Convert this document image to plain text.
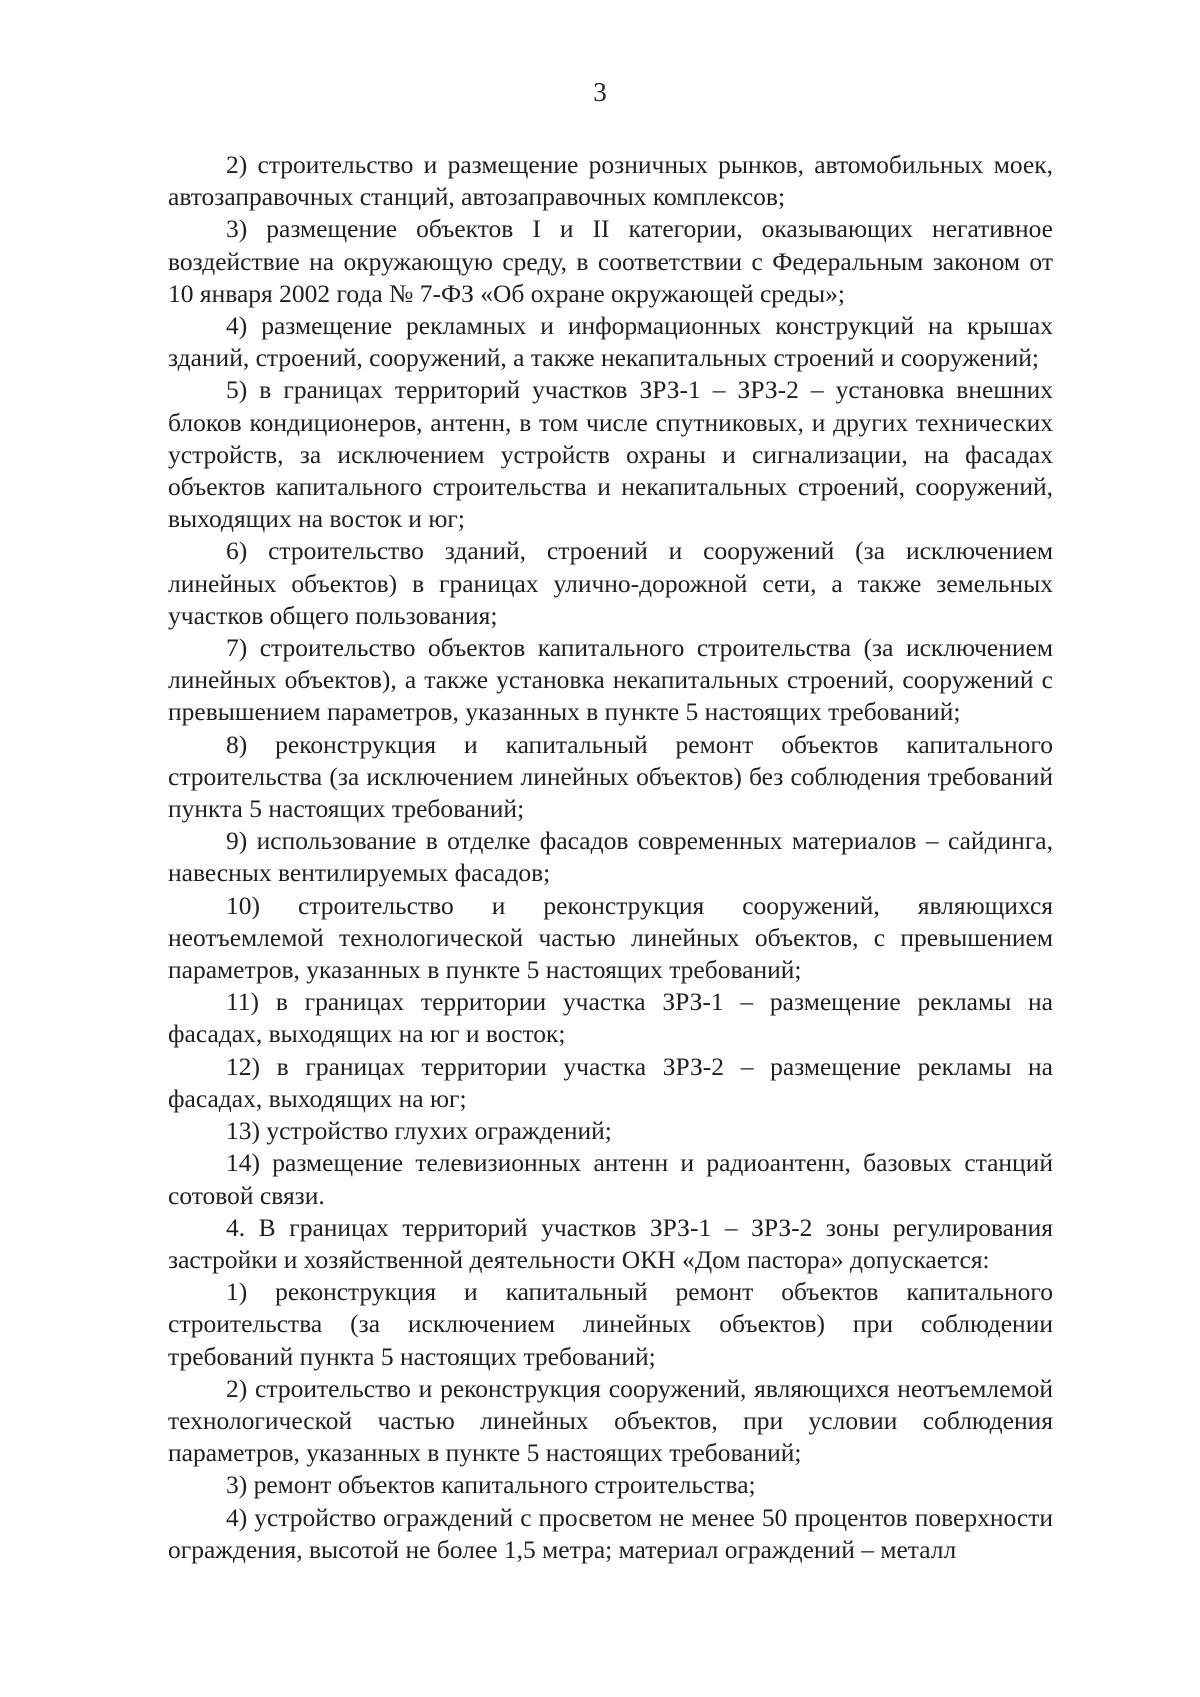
3

2) строительство и размещение розничных рынков, автомобильных моек, автозаправочных станций, автозаправочных комплексов;

3) размещение объектов I и II категории, оказывающих негативное воздействие на окружающую среду, в соответствии с Федеральным законом от 10 января 2002 года № 7-ФЗ «Об охране окружающей среды»;

4) размещение рекламных и информационных конструкций на крышах зданий, строений, сооружений, а также некапитальных строений и сооружений;

5) в границах территорий участков ЗРЗ-1 – ЗРЗ-2 – установка внешних блоков кондиционеров, антенн, в том числе спутниковых, и других технических устройств, за исключением устройств охраны и сигнализации, на фасадах объектов капитального строительства и некапитальных строений, сооружений, выходящих на восток и юг;

6) строительство зданий, строений и сооружений (за исключением линейных объектов) в границах улично-дорожной сети, а также земельных участков общего пользования;

7) строительство объектов капитального строительства (за исключением линейных объектов), а также установка некапитальных строений, сооружений с превышением параметров, указанных в пункте 5 настоящих требований;

8) реконструкция и капитальный ремонт объектов капитального строительства (за исключением линейных объектов) без соблюдения требований пункта 5 настоящих требований;

9) использование в отделке фасадов современных материалов – сайдинга, навесных вентилируемых фасадов;

10) строительство и реконструкция сооружений, являющихся неотъемлемой технологической частью линейных объектов, с превышением параметров, указанных в пункте 5 настоящих требований;

11) в границах территории участка ЗРЗ-1 – размещение рекламы на фасадах, выходящих на юг и восток;

12) в границах территории участка ЗРЗ-2 – размещение рекламы на фасадах, выходящих на юг;

13) устройство глухих ограждений;

14) размещение телевизионных антенн и радиоантенн, базовых станций сотовой связи.

4. В границах территорий участков ЗРЗ-1 – ЗРЗ-2 зоны регулирования застройки и хозяйственной деятельности ОКН «Дом пастора» допускается:

1) реконструкция и капитальный ремонт объектов капитального строительства (за исключением линейных объектов) при соблюдении требований пункта 5 настоящих требований;

2) строительство и реконструкция сооружений, являющихся неотъемлемой технологической частью линейных объектов, при условии соблюдения параметров, указанных в пункте 5 настоящих требований;

3) ремонт объектов капитального строительства;

4) устройство ограждений с просветом не менее 50 процентов поверхности ограждения, высотой не более 1,5 метра; материал ограждений – металл
